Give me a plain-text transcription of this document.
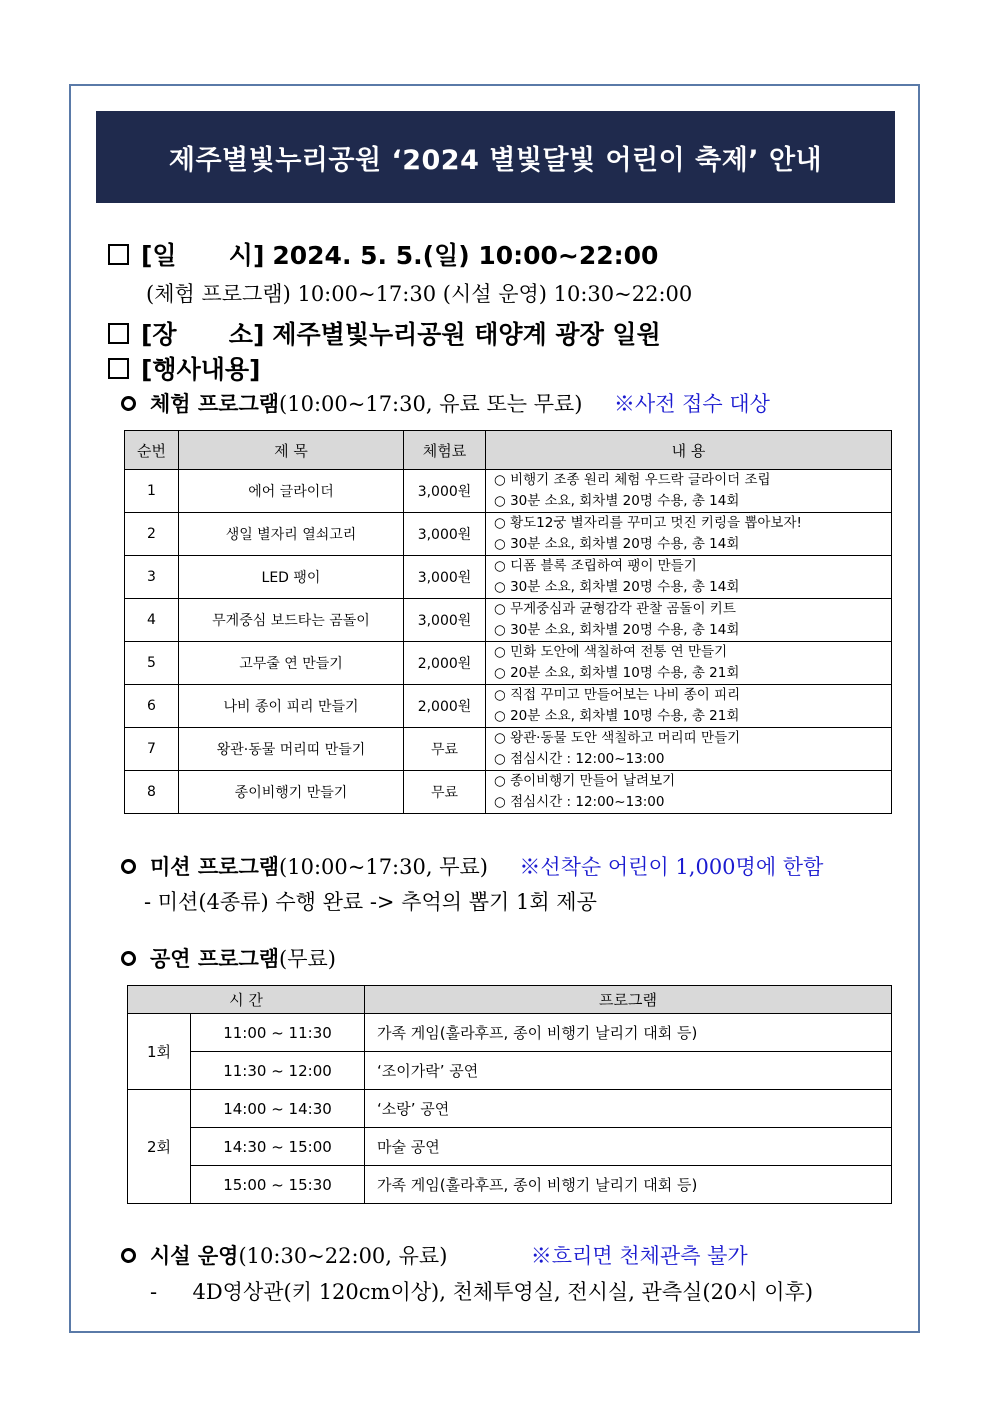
제주별빛누리공원 ‘2024 별빛달빛 어린이 축제’ 안내
[일      시] 2024. 5. 5.(일) 10:00~22:00
(체험 프로그램) 10:00~17:30 (시설 운영) 10:30~22:00
[장      소] 제주별빛누리공원 태양계 광장 일원
[행사내용]
체험 프로그램(10:00~17:30, 유료 또는 무료) ※사전 접수 대상
순번	제 목	체험료	내 용
1	에어 글라이더	3,000원	○ 비행기 조종 원리 체험 우드락 글라이더 조립
○ 30분 소요, 회차별 20명 수용, 총 14회

2	생일 별자리 열쇠고리	3,000원	○ 황도12궁 별자리를 꾸미고 멋진 키링을 뽑아보자!
○ 30분 소요, 회차별 20명 수용, 총 14회

3	LED 팽이	3,000원	○ 디폼 블록 조립하여 팽이 만들기
○ 30분 소요, 회차별 20명 수용, 총 14회

4	무게중심 보드타는 곰돌이	3,000원	○ 무게중심과 균형감각 관찰 곰돌이 키트
○ 30분 소요, 회차별 20명 수용, 총 14회

5	고무줄 연 만들기	2,000원	○ 민화 도안에 색칠하여 전통 연 만들기
○ 20분 소요, 회차별 10명 수용, 총 21회

6	나비 종이 피리 만들기	2,000원	○ 직접 꾸미고 만들어보는 나비 종이 피리
○ 20분 소요, 회차별 10명 수용, 총 21회

7	왕관·동물 머리띠 만들기	무료	○ 왕관·동물 도안 색칠하고 머리띠 만들기
○ 점심시간 : 12:00~13:00

8	종이비행기 만들기	무료	○ 종이비행기 만들어 날려보기
○ 점심시간 : 12:00~13:00
미션 프로그램(10:00~17:30, 무료) ※선착순 어린이 1,000명에 한함
- 미션(4종류) 수행 완료 -> 추억의 뽑기 1회 제공
공연 프로그램(무료)
시 간		프로그램
1회	11:00 ~ 11:30	가족 게임(훌라후프, 종이 비행기 날리기 대회 등)
	11:30 ~ 12:00	‘조이가락’ 공연
2회	14:00 ~ 14:30	‘소랑’ 공연
	14:30 ~ 15:00	마술 공연
	15:00 ~ 15:30	가족 게임(훌라후프, 종이 비행기 날리기 대회 등)
시설 운영(10:30~22:00, 유료)	※흐리면 천체관측 불가
- 4D영상관(키 120cm이상), 천체투영실, 전시실, 관측실(20시 이후)
